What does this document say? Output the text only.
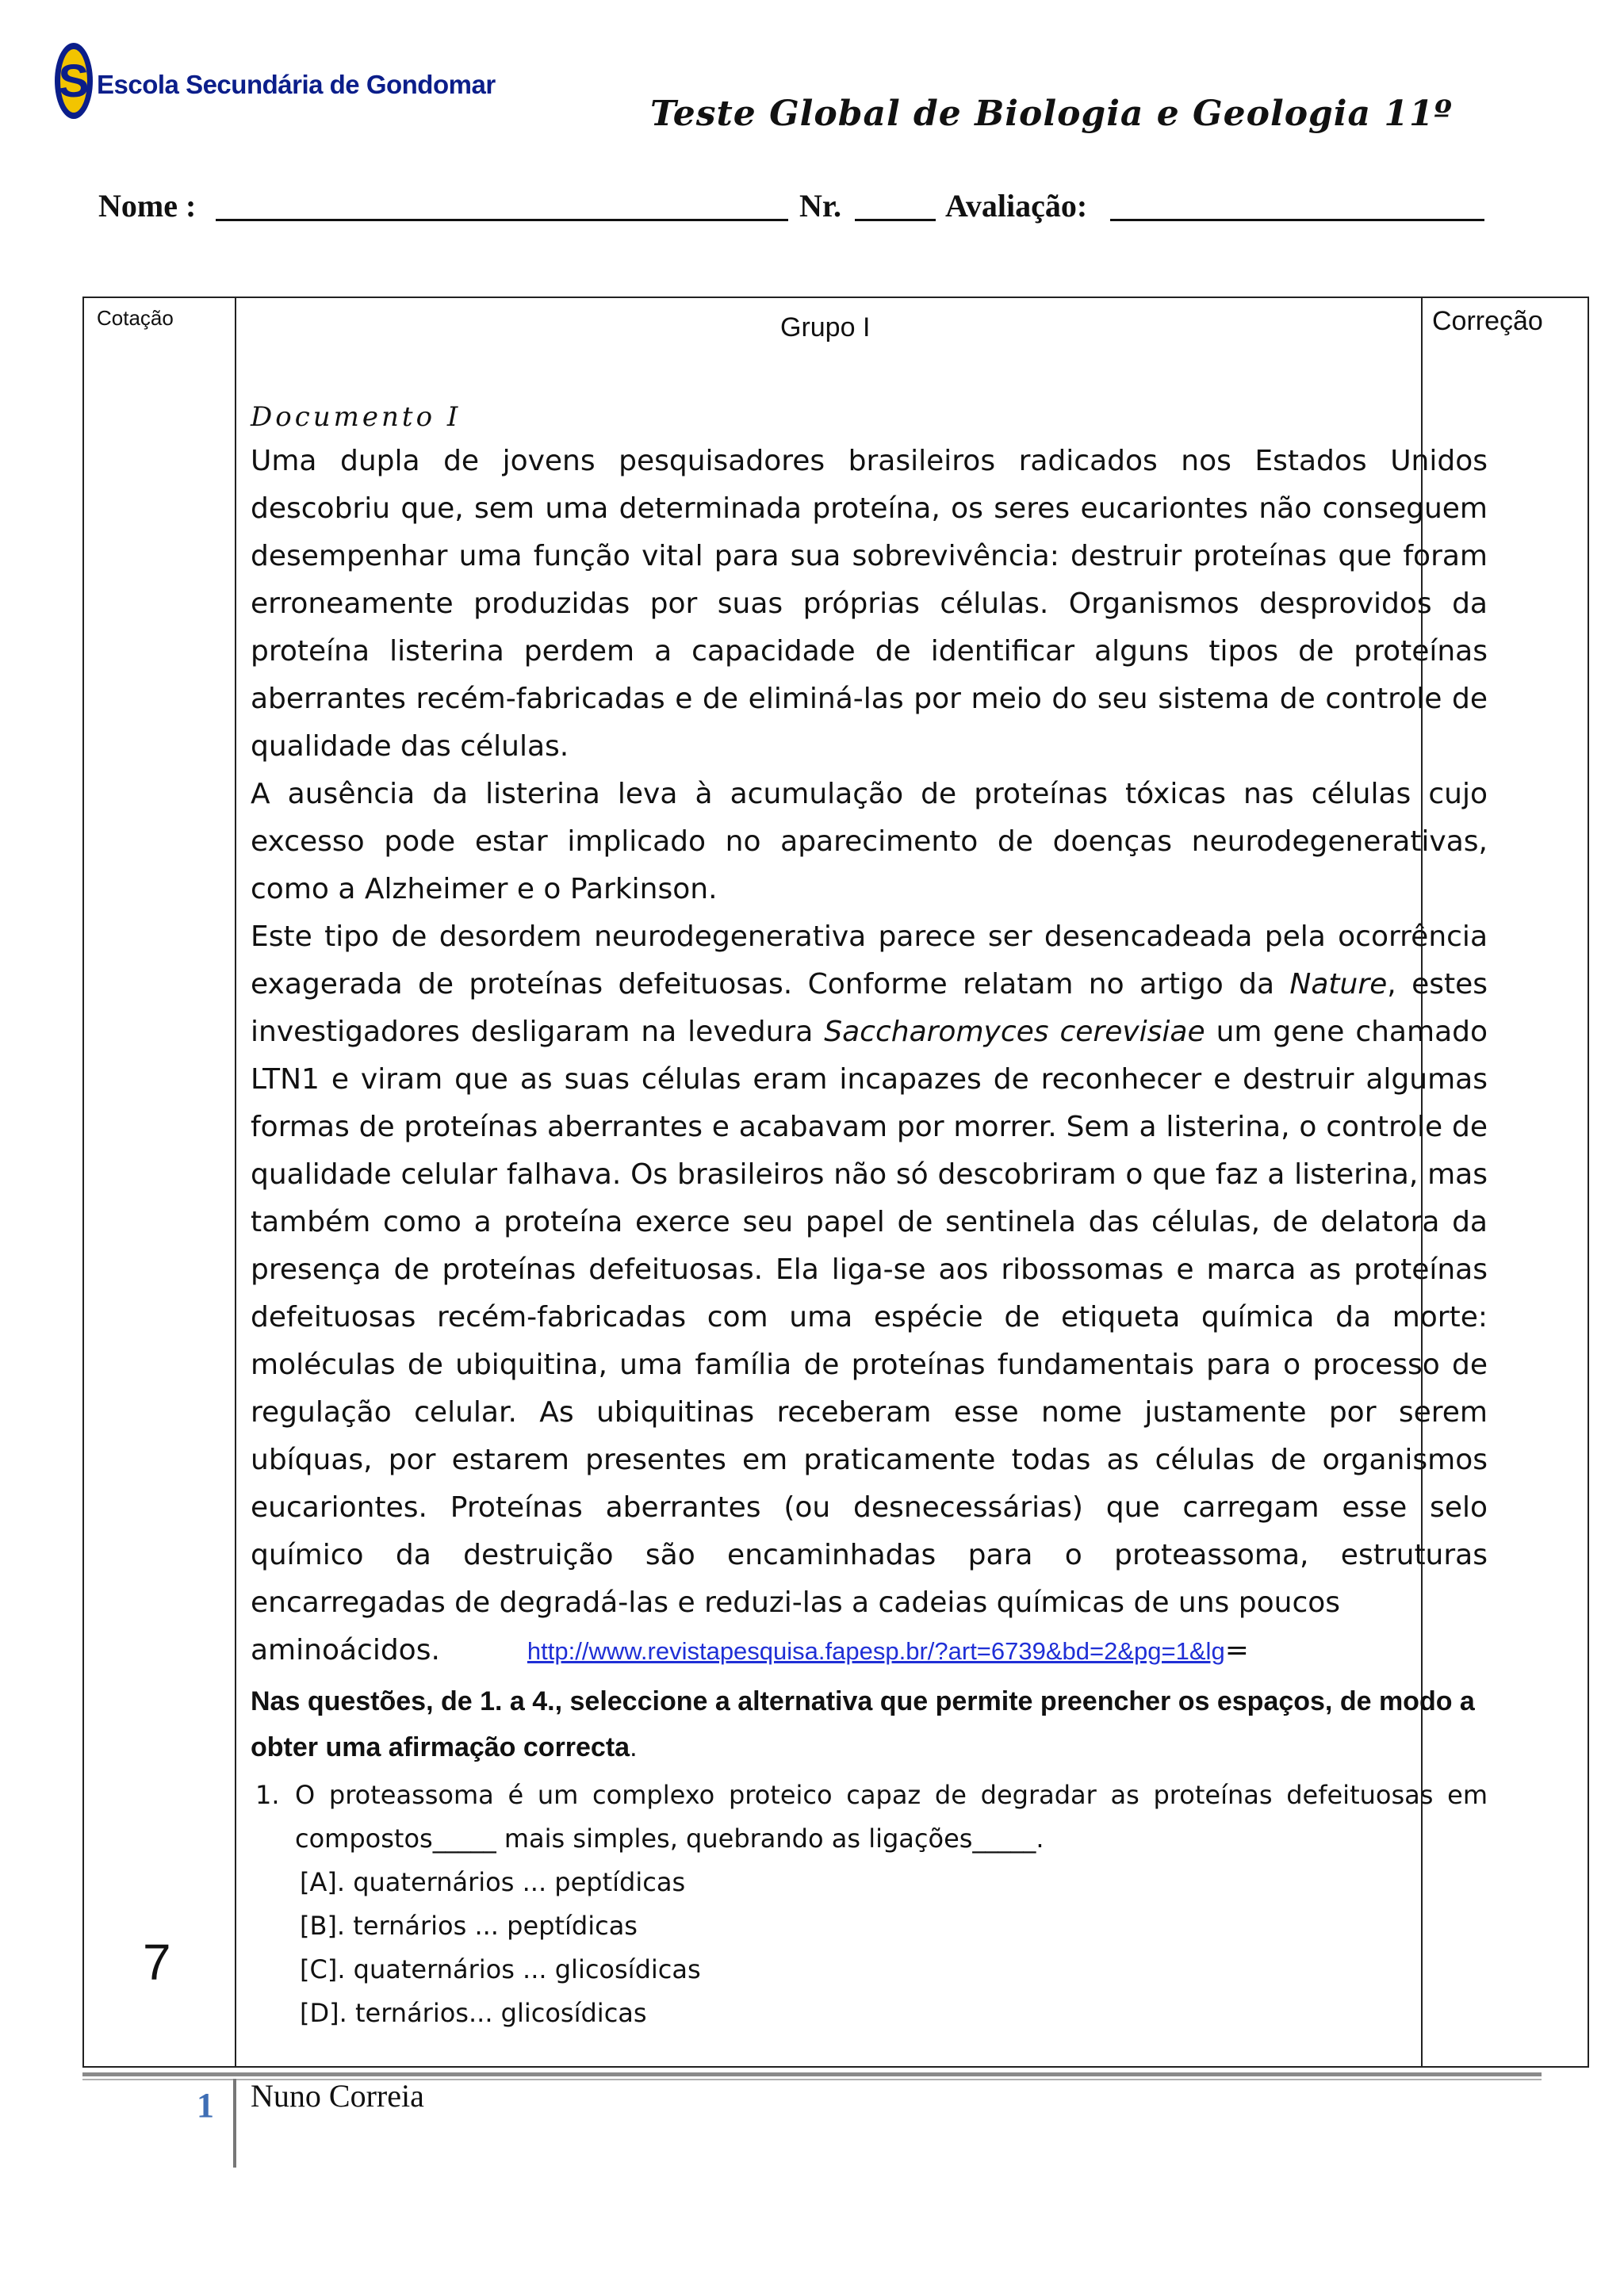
S Escola Secundária de Gondomar
Teste Global de Biologia e Geologia 11º
Nome :	Nr.	Avaliação:
Cotação	Grupo I	Correção
7
Documento I

Uma dupla de jovens pesquisadores brasileiros radicados nos Estados Unidos descobriu que, sem uma determinada proteína, os seres eucariontes não conseguem desempenhar uma função vital para sua sobrevivência: destruir proteínas que foram erroneamente produzidas por suas próprias células. Organismos desprovidos da proteína listerina perdem a capacidade de identificar alguns tipos de proteínas aberrantes recém-fabricadas e de eliminá-las por meio do seu sistema de controle de qualidade das células.

A ausência da listerina leva à acumulação de proteínas tóxicas nas células cujo excesso pode estar implicado no aparecimento de doenças neurodegenerativas, como a Alzheimer e o Parkinson.

Este tipo de desordem neurodegenerativa parece ser desencadeada pela ocorrência exagerada de proteínas defeituosas. Conforme relatam no artigo da Nature, estes investigadores desligaram na levedura Saccharomyces cerevisiae um gene chamado LTN1 e viram que as suas células eram incapazes de reconhecer e destruir algumas formas de proteínas aberrantes e acabavam por morrer. Sem a listerina, o controle de qualidade celular falhava. Os brasileiros não só descobriram o que faz a listerina, mas também como a proteína exerce seu papel de sentinela das células, de delatora da presença de proteínas defeituosas. Ela liga-se aos ribossomas e marca as proteínas defeituosas recém-fabricadas com uma espécie de etiqueta química da morte: moléculas de ubiquitina, uma família de proteínas fundamentais para o processo de regulação celular. As ubiquitinas receberam esse nome justamente por serem ubíquas, por estarem presentes em praticamente todas as células de organismos eucariontes. Proteínas aberrantes (ou desnecessárias) que carregam esse selo químico da destruição são encaminhadas para o proteassoma, estruturas encarregadas de degradá-las e reduzi-las a cadeias químicas de uns poucos

aminoácidos.	http://www.revistapesquisa.fapesp.br/?art=6739&bd=2&pg=1&lg=

Nas questões, de 1. a 4., seleccione a alternativa que permite preencher os espaços, de modo a obter uma afirmação correcta.

1. O proteassoma é um complexo proteico capaz de degradar as proteínas defeituosas em compostos_____ mais simples, quebrando as ligações_____.
[A]. quaternários ... peptídicas
[B]. ternários ... peptídicas
[C]. quaternários ... glicosídicas
[D]. ternários... glicosídicas
1 Nuno Correia
